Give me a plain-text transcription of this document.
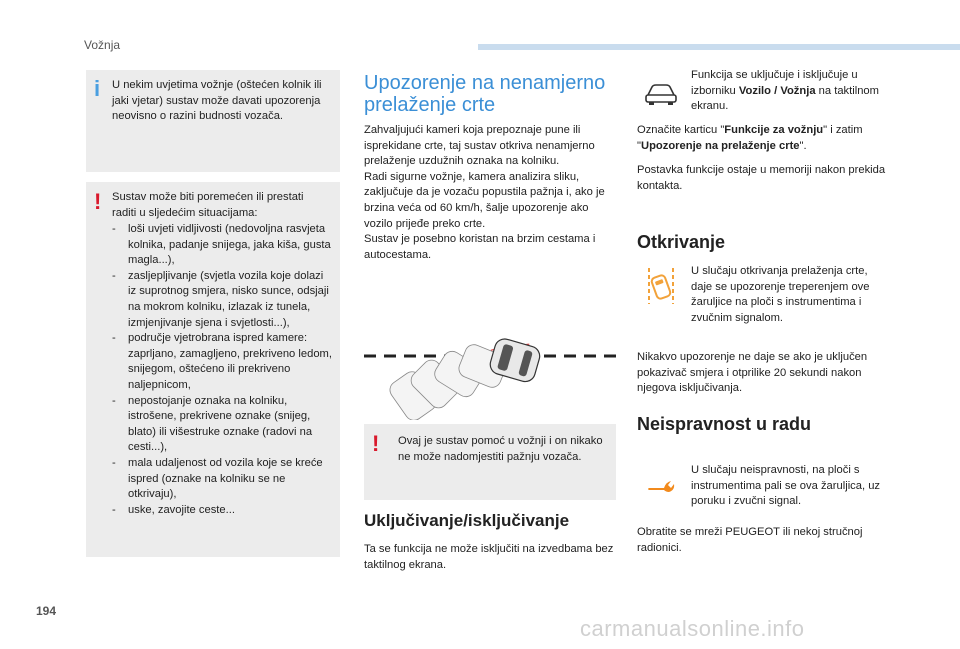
Vožnja
i U nekim uvjetima vožnje (oštećen kolnik ili jaki vjetar) sustav može davati upozorenja neovisno o razini budnosti vozača.
! Sustav može biti poremećen ili prestati raditi u sljedećim situacijama:
- loši uvjeti vidljivosti (nedovoljna rasvjeta kolnika, padanje snijega, jaka kiša, gusta magla...),
- zasljepljivanje (svjetla vozila koje dolazi iz suprotnog smjera, nisko sunce, odsjaji na mokrom kolniku, izlazak iz tunela, izmjenjivanje sjena i svjetlosti...),
- područje vjetrobrana ispred kamere: zaprljano, zamagljeno, prekriveno ledom, snijegom, oštećeno ili prekriveno naljepnicom,
- nepostojanje oznaka na kolniku, istrošene, prekrivene oznake (snijeg, blato) ili višestruke oznake (radovi na cesti...),
- mala udaljenost od vozila koje se kreće ispred (oznake na kolniku se ne otkrivaju),
- uske, zavojite ceste...
Upozorenje na nenamjerno
prelaženje crte
Zahvaljujući kameri koja prepoznaje pune ili isprekidane crte, taj sustav otkriva nenamjerno prelaženje uzdužnih oznaka na kolniku.
Radi sigurne vožnje, kamera analizira sliku, zaključuje da je vozaču popustila pažnja i, ako je brzina veća od 60 km/h, šalje upozorenje ako vozilo prijeđe preko crte.
Sustav je posebno koristan na brzim cestama i autocestama.
! Ovaj je sustav pomoć u vožnji i on nikako ne može nadomjestiti pažnju vozača.
Uključivanje/isključivanje
Ta se funkcija ne može isključiti na izvedbama bez taktilnog ekrana.
Funkcija se uključuje i isključuje u izborniku Vozilo / Vožnja na taktilnom ekranu.
Označite karticu "Funkcije za vožnju" i zatim "Upozorenje na prelaženje crte".
Postavka funkcije ostaje u memoriji nakon prekida kontakta.
Otkrivanje
U slučaju otkrivanja prelaženja crte, daje se upozorenje treperenjem ove žaruljice na ploči s instrumentima i zvučnim signalom.
Nikakvo upozorenje ne daje se ako je uključen pokazivač smjera i otprilike 20 sekundi nakon njegova isključivanja.
Neispravnost u radu
U slučaju neispravnosti, na ploči s instrumentima pali se ova žaruljica, uz poruku i zvučni signal.
Obratite se mreži PEUGEOT ili nekoj stručnoj radionici.
194
carmanualsonline.info
